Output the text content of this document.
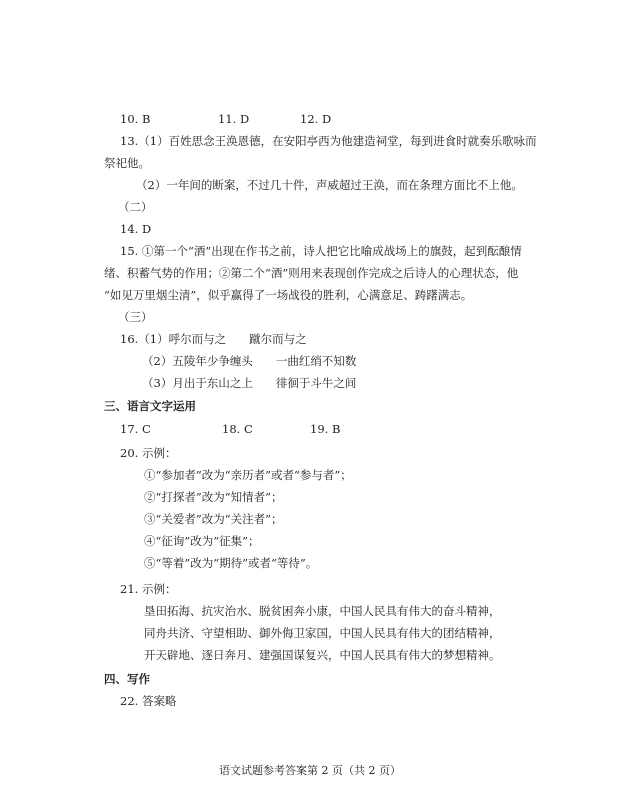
10. B	11. D	12. D
13.（1）百姓思念王涣恩德，在安阳亭西为他建造祠堂，每到进食时就奏乐歌咏而
祭祀他。
（2）一年间的断案，不过几十件，声威超过王涣，而在条理方面比不上他。
（二）
14. D
15. ①第一个“酒”出现在作书之前，诗人把它比喻成战场上的旗鼓，起到酝酿情
绪、积蓄气势的作用；②第二个“酒”则用来表现创作完成之后诗人的心理状态，他
“如见万里烟尘清”，似乎赢得了一场战役的胜利，心满意足、踌躇满志。
（三）
16.（1）呼尔而与之　　蹴尔而与之
（2）五陵年少争缠头　　一曲红绡不知数
（3）月出于东山之上　　徘徊于斗牛之间
三、语言文字运用
17. C	18. C	19. B
20. 示例：
①“参加者”改为“亲历者”或者“参与者”；
②“打探者”改为“知情者”；
③“关爱者”改为“关注者”；
④“征询”改为“征集”；
⑤“等着”改为“期待”或者“等待”。
21. 示例：
垦田拓海、抗灾治水、脱贫困奔小康，中国人民具有伟大的奋斗精神，
同舟共济、守望相助、御外侮卫家国，中国人民具有伟大的团结精神，
开天辟地、逐日奔月、建强国谋复兴，中国人民具有伟大的梦想精神。
四、写作
22. 答案略
语文试题参考答案第 2 页（共 2 页）
